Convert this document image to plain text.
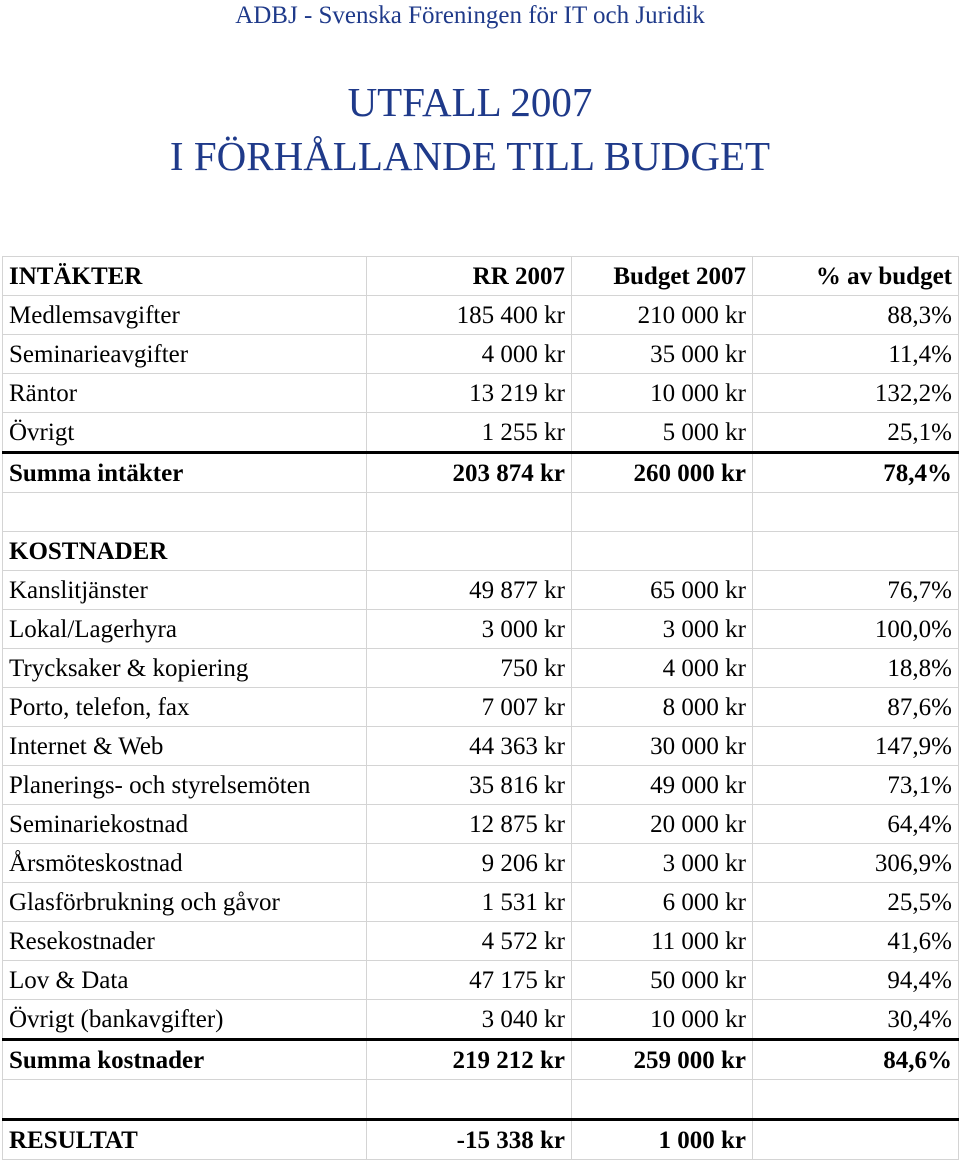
ADBJ - Svenska Föreningen för IT och Juridik
UTFALL 2007
I FÖRHÅLLANDE TILL BUDGET
INTÄKTER	RR 2007	Budget 2007	% av budget
Medlemsavgifter	185 400 kr	210 000 kr	88,3%
Seminarieavgifter	4 000 kr	35 000 kr	11,4%
Räntor	13 219 kr	10 000 kr	132,2%
Övrigt	1 255 kr	5 000 kr	25,1%
Summa intäkter	203 874 kr	260 000 kr	78,4%

KOSTNADER			
Kanslitjänster	49 877 kr	65 000 kr	76,7%
Lokal/Lagerhyra	3 000 kr	3 000 kr	100,0%
Trycksaker & kopiering	750 kr	4 000 kr	18,8%
Porto, telefon, fax	7 007 kr	8 000 kr	87,6%
Internet & Web	44 363 kr	30 000 kr	147,9%
Planerings- och styrelsemöten	35 816 kr	49 000 kr	73,1%
Seminariekostnad	12 875 kr	20 000 kr	64,4%
Årsmöteskostnad	9 206 kr	3 000 kr	306,9%
Glasförbrukning och gåvor	1 531 kr	6 000 kr	25,5%
Resekostnader	4 572 kr	11 000 kr	41,6%
Lov & Data	47 175 kr	50 000 kr	94,4%
Övrigt (bankavgifter)	3 040 kr	10 000 kr	30,4%
Summa kostnader	219 212 kr	259 000 kr	84,6%

RESULTAT	-15 338 kr	1 000 kr	
